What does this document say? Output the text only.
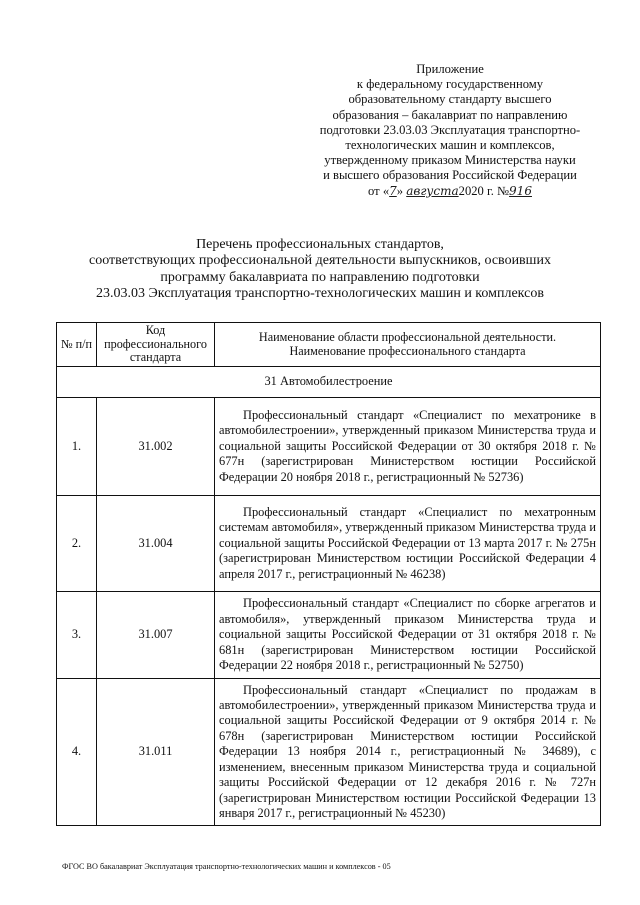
Приложение
к федеральному государственному
образовательному стандарту высшего
образования – бакалавриат по направлению
подготовки 23.03.03 Эксплуатация транспортно-
технологических машин и комплексов,
утвержденному приказом Министерства науки
и высшего образования Российской Федерации
от «7» августа2020 г. №916
Перечень профессиональных стандартов,
соответствующих профессиональной деятельности выпускников, освоивших
программу бакалавриата по направлению подготовки
23.03.03 Эксплуатация транспортно-технологических машин и комплексов
№ п/п	Код профессионального стандарта	Наименование области профессиональной деятельности. Наименование профессионального стандарта
31 Автомобилестроение		
1.	31.002	Профессиональный стандарт «Специалист по мехатронике в автомобилестроении», утвержденный приказом Министерства труда и социальной защиты Российской Федерации от 30 октября 2018 г. № 677н (зарегистрирован Министерством юстиции Российской Федерации 20 ноября 2018 г., регистрационный № 52736)

2.	31.004	Профессиональный стандарт «Специалист по мехатронным системам автомобиля», утвержденный приказом Министерства труда и социальной защиты Российской Федерации от 13 марта 2017 г. № 275н (зарегистрирован Министерством юстиции Российской Федерации 4 апреля 2017 г., регистрационный № 46238)

3.	31.007	Профессиональный стандарт «Специалист по сборке агрегатов и автомобиля», утвержденный приказом Министерства труда и социальной защиты Российской Федерации от 31 октября 2018 г. № 681н (зарегистрирован Министерством юстиции Российской Федерации 22 ноября 2018 г., регистрационный № 52750)

4.	31.011	Профессиональный стандарт «Специалист по продажам в автомобилестроении», утвержденный приказом Министерства труда и социальной защиты Российской Федерации от 9 октября 2014 г. № 678н (зарегистрирован Министерством юстиции Российской Федерации 13 ноября 2014 г., регистрационный № 34689), с изменением, внесенным приказом Министерства труда и социальной защиты Российской Федерации от 12 декабря 2016 г. № 727н (зарегистрирован Министерством юстиции Российской Федерации 13 января 2017 г., регистрационный № 45230)

ФГОС ВО бакалавриат Эксплуатация транспортно-технологических машин и комплексов - 05
